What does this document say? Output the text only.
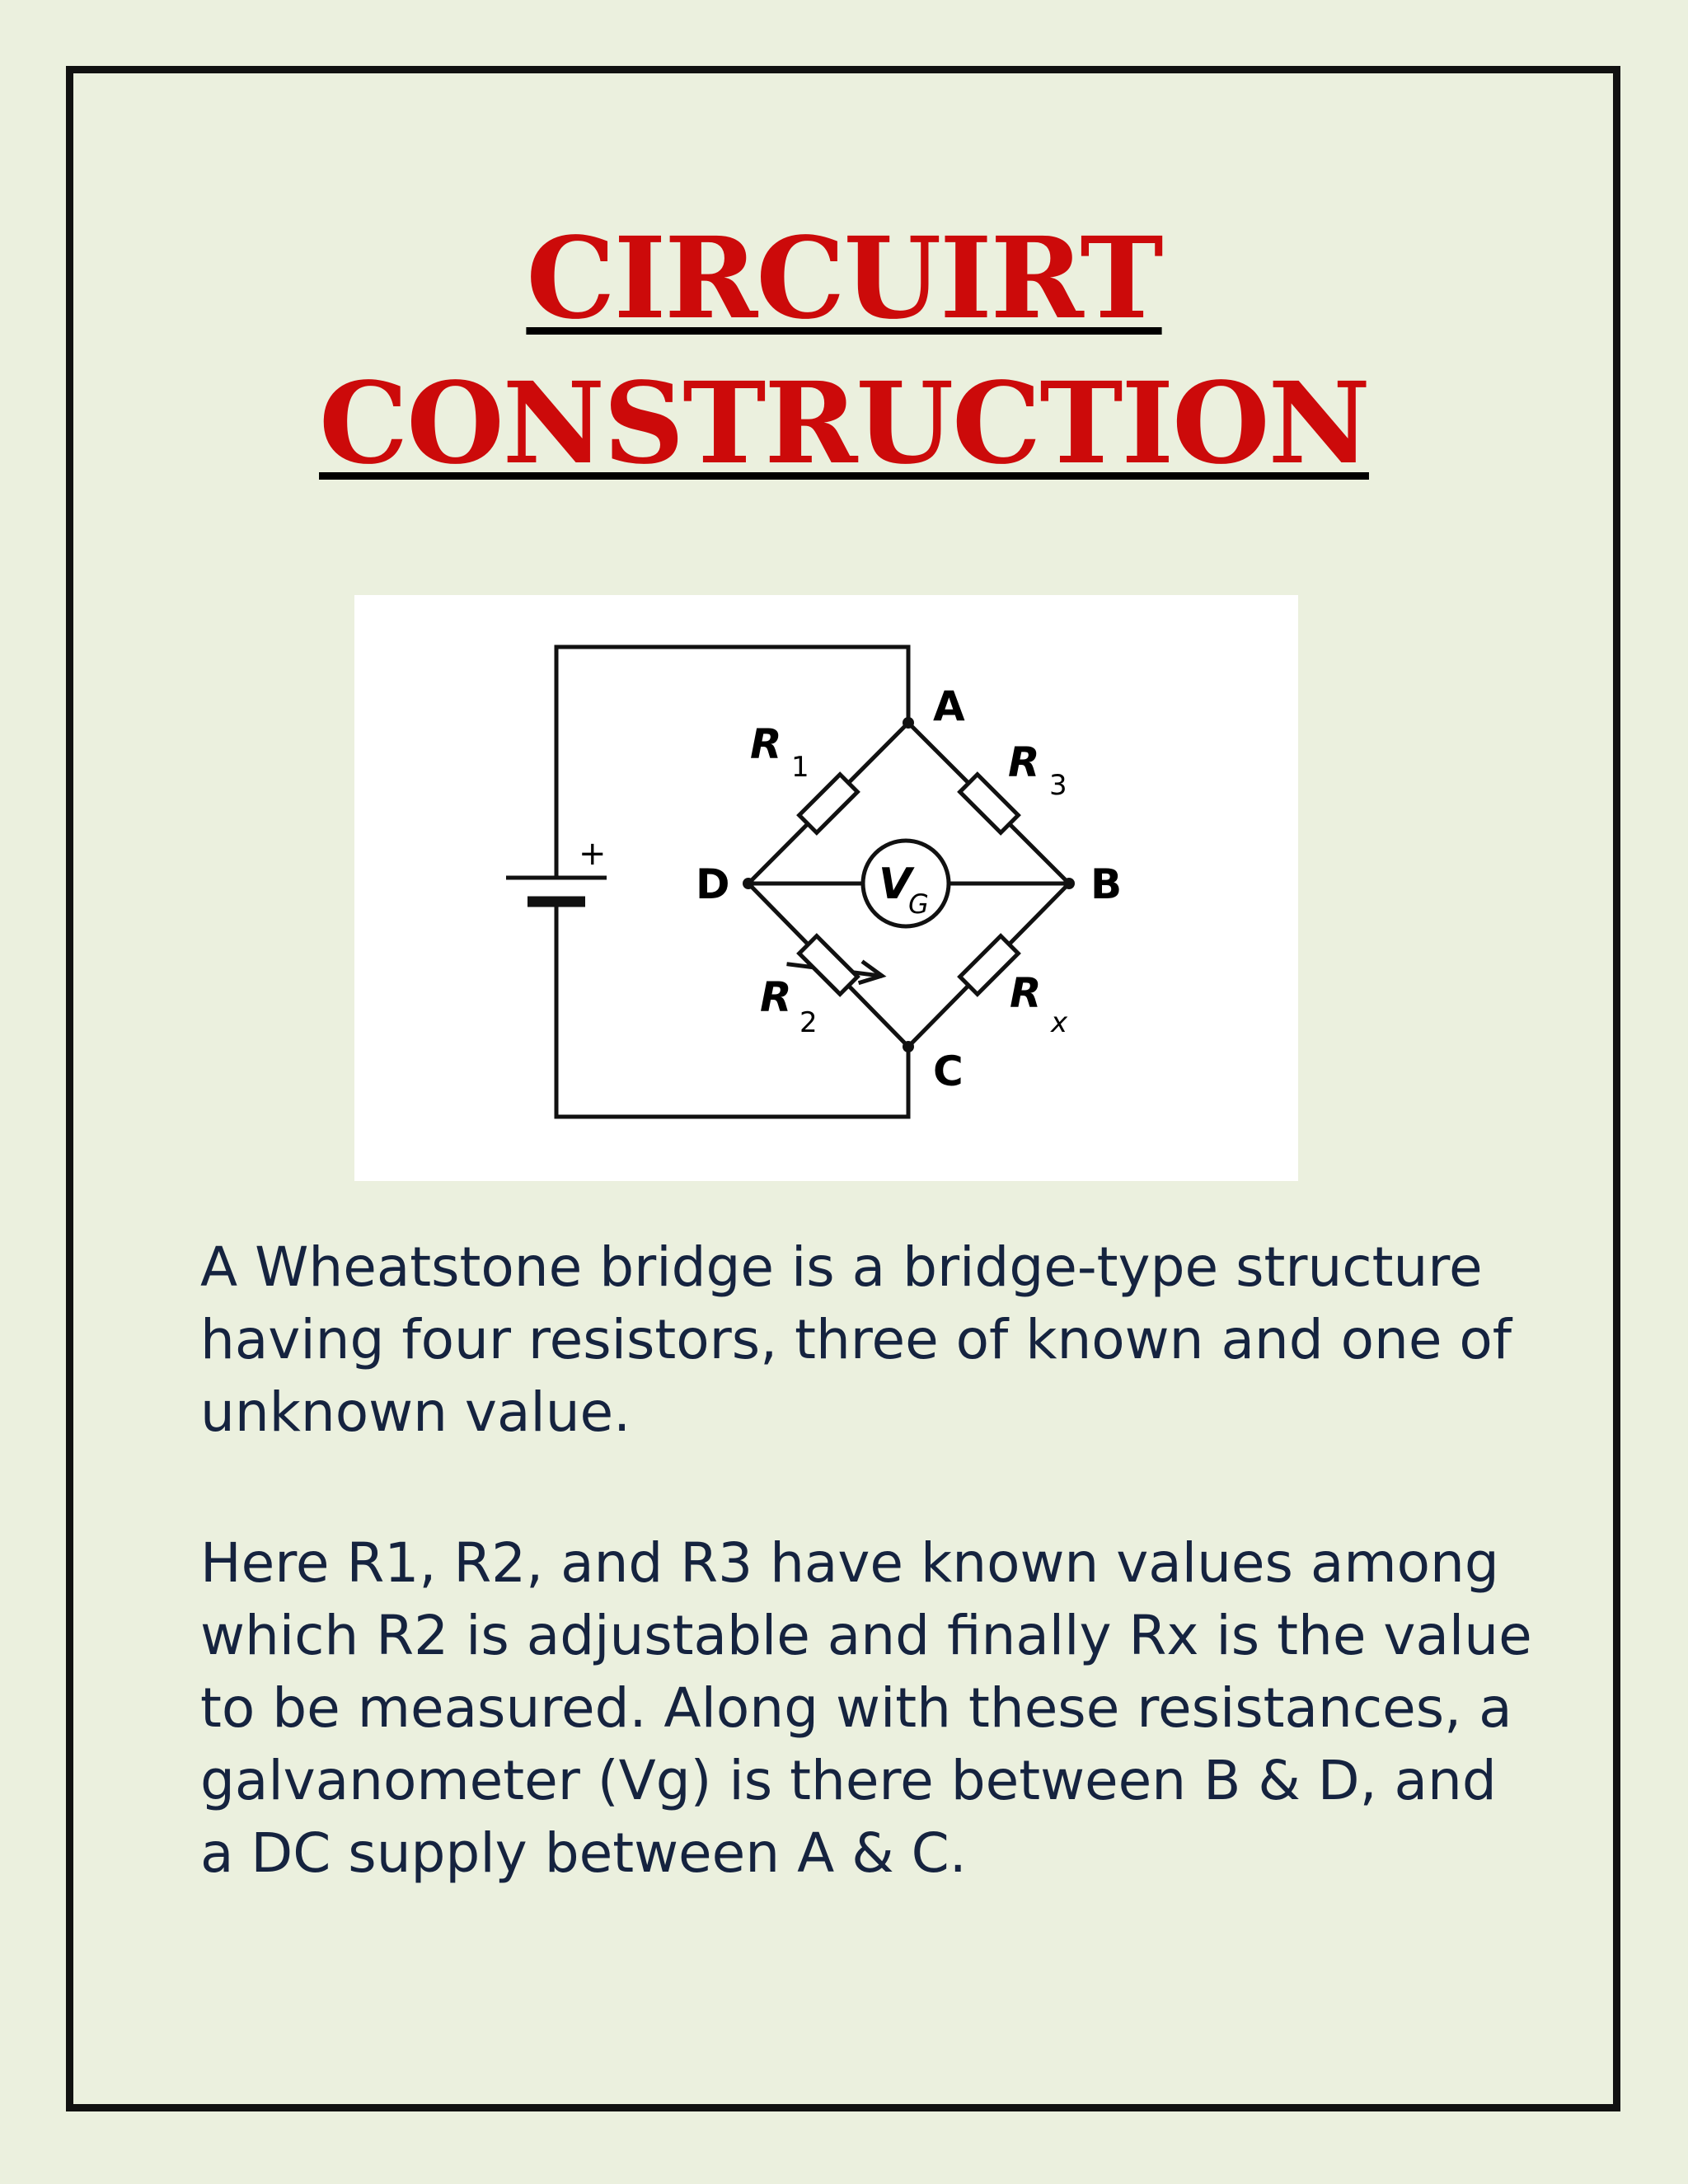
CIRCUIRT
CONSTRUCTION
A
B
C
D
R 1	R 3
R
2
R
x
V
G
+

A Wheatstone bridge is a bridge-type structure having four resistors, three of known and one of unknown value.

Here R1, R2, and R3 have known values among which R2 is adjustable and finally Rx is the value to be measured. Along with these resistances, a galvanometer (Vg) is there between B & D, and a DC supply between A & C.
